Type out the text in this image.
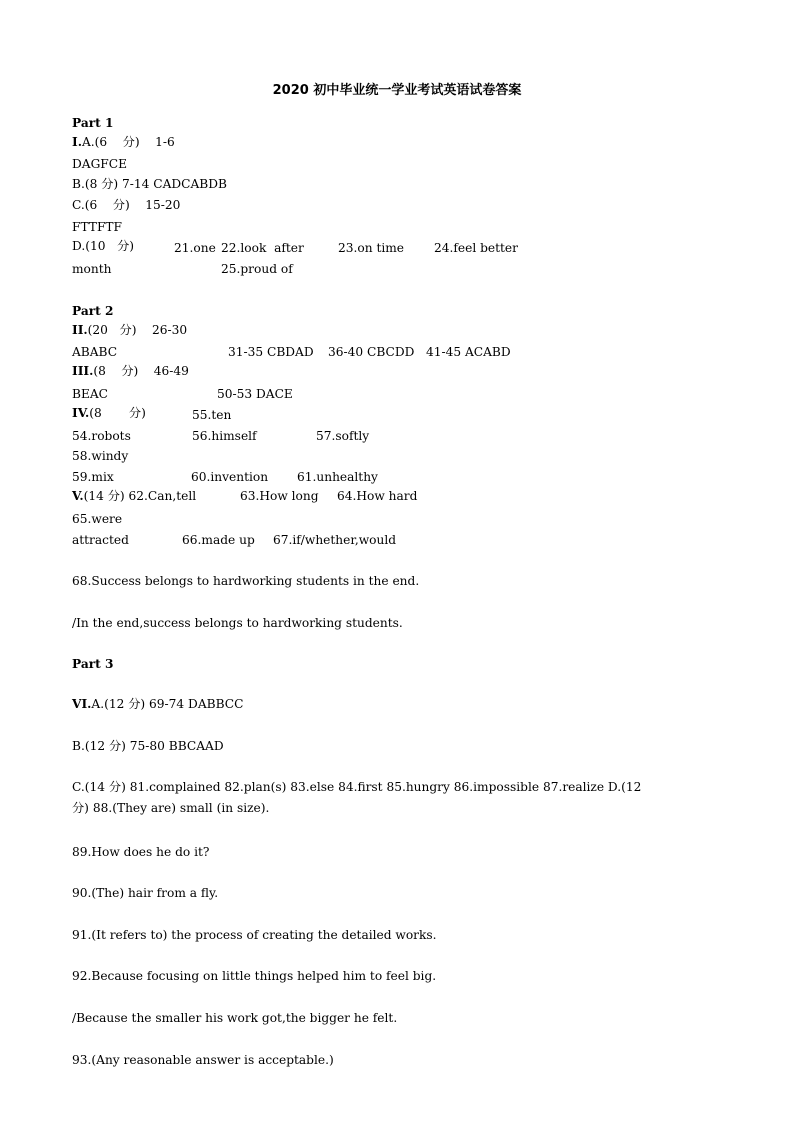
2020 初中毕业统一学业考试英语试卷答案
Part 1
I.A.(6    分)    1-6
DAGFCE
B.(8 分) 7-14 CADCABDB
C.(6    分)    15-20
FTTFTF
D.(10   分)	21.one 22.look  after	23.on time 24.feel better
month	25.proud of
Part 2
II.(20   分)    26-30
ABABC	31-35 CBDAD 36-40 CBCDD 41-45 ACABD
III.(8    分)    46-49
BEAC	50-53 DACE
IV.(8       分)	55.ten
54.robots	56.himself	57.softly
58.windy
59.mix	60.invention 61.unhealthy
V.(14 分) 62.Can,tell	63.How long 64.How hard
65.were
attracted	66.made up 67.if/whether,would
68.Success belongs to hardworking students in the end.
/In the end,success belongs to hardworking students.
Part 3
VI.A.(12 分) 69-74 DABBCC
B.(12 分) 75-80 BBCAAD
C.(14 分) 81.complained 82.plan(s) 83.else 84.first 85.hungry 86.impossible 87.realize D.(12
分) 88.(They are) small (in size).
89.How does he do it?
90.(The) hair from a fly.
91.(It refers to) the process of creating the detailed works.
92.Because focusing on little things helped him to feel big.
/Because the smaller his work got,the bigger he felt.
93.(Any reasonable answer is acceptable.)
